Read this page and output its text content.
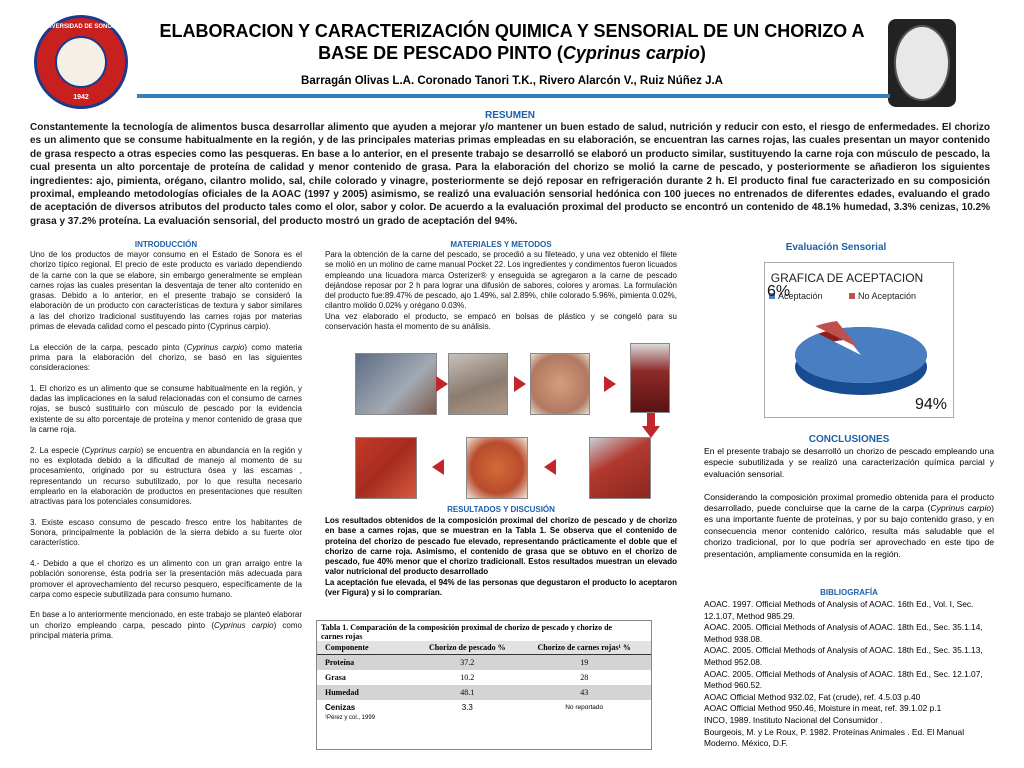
UNIVERSIDAD DE SONORA
1942
ELABORACION Y CARACTERIZACIÓN QUIMICA Y SENSORIAL DE UN CHORIZO A
BASE DE PESCADO PINTO (Cyprinus carpio)
Barragán Olivas L.A. Coronado Tanori T.K., Rivero Alarcón V., Ruiz Núñez J.A
RESUMEN
Constantemente la tecnología de alimentos busca desarrollar alimento que ayuden a mejorar y/o mantener un buen estado de salud, nutrición y reducir con esto, el riesgo de enfermedades. El chorizo es un alimento que se consume habitualmente en la región, y de las principales materias primas empleadas en su elaboración, se encuentran las carnes rojas, las cuales presentan un mayor contenido de grasa respecto a otras especies como las pesqueras. En base a lo anterior, en el presente trabajo se desarrolló se elaboró un producto similar, sustituyendo la carne roja con músculo de pescado, la cual presenta un alto porcentaje de proteína de calidad y menor contenido de grasa. Para la elaboración del chorizo se molió la carne de pescado, y posteriormente se añadieron los siguientes ingredientes: ajo, pimienta, orégano, cilantro molido, sal, chile colorado y vinagre, posteriormente se dejó reposar en refrigeración durante 2 h. El producto final fue caracterizado en su composición proximal, empleando metodologías oficiales de la AOAC (1997 y 2005) asimismo, se realizó una evaluación sensorial hedónica con 100 jueces no entrenados de diferentes edades, evaluando el grado de aceptación de diversos atributos del producto tales como el olor, sabor y color. De acuerdo a la evaluación proximal del producto se encontró un contenido de 48.1% humedad, 3.3% cenizas, 10.2% grasa y 37.2% proteína. La evaluación sensorial, del producto mostró un grado de aceptación del 94%.
INTRODUCCIÓN

Uno de los productos de mayor consumo en el Estado de Sonora es el chorizo típico regional. El precio de este producto es variado dependiendo de la carne con la que se elabore, sin embargo generalmente se emplean carnes rojas las cuales presentan la desventaja de tener alto contenido en grasas. Debido a lo anterior, en el presente trabajo se consideró la elaboración de un producto con características de textura y sabor similares a las del chorizo tradicional sustituyendo las carnes rojas por materias primas de elevada calidad como el pescado pinto (Cyprinus carpio).

La elección de la carpa, pescado pinto (Cyprinus carpio) como materia prima para la elaboración del chorizo, se basó en las siguientes consideraciones:

1. El chorizo es un alimento que se consume habitualmente en la región, y dadas las implicaciones en la salud relacionadas con el consumo de carnes rojas, se buscó sustituirlo con músculo de pescado por la evidencia existente de su alto porcentaje de proteína y menor contenido de grasa que la carne roja.

2. La especie (Cyprinus carpio) se encuentra en abundancia en la región y no es explotada debido a la dificultad de manejo al momento de su procesamiento, originado por su estructura ósea y las escamas , representando un recurso subutilizado, por lo que resulta necesario emplearlo en la elaboración de productos en presentaciones que resulten atractivas para los potenciales consumidores.

3. Existe escaso consumo de pescado fresco entre los habitantes de Sonora, principalmente la población de la sierra debido a su fuerte olor característico.

4.- Debido a que el chorizo es un alimento con un gran arraigo entre la población sonorense, ésta podría ser la presentación más adecuada para promover el aprovechamiento del recurso pesquero, específicamente de la carpa como especie subutilizada para consumo humano.

En base a lo anteriormente mencionado, en este trabajo se planteó elaborar un chorizo empleando carpa, pescado pinto (Cyprinus carpio) como principal materia prima.

MATERIALES Y METODOS

Para la obtención de la carne del pescado, se procedió a su fileteado, y una vez obtenido el filete se molió en un molino de carne manual Pocket 22. Los ingredientes y condimentos fueron licuados empleando una licuadora marca Osterizer® y enseguida se agregaron a la carne de pescado dejándose reposar por 2 h para lograr una difusión de sabores, colores y aromas. La formulación del producto fue:89.47% de pescado, ajo 1.49%, sal 2.89%, chile colorado 5.96%, pimienta 0.02%, cilantro molido 0.02% y orégano 0.03%.

Una vez elaborado el producto, se empacó en bolsas de plástico y se congeló para su conservación hasta el momento de su análisis.

RESULTADOS Y DISCUSIÓN
Los resultados obtenidos de la composición proximal del chorizo de pescado y de chorizo en base a carnes rojas, que se muestran en la Tabla 1. Se observa que el contenido de proteína del chorizo de pescado fue elevado, representando prácticamente el doble que el chorizo de carne roja. Asimismo, el contenido de grasa que se obtuvo en el chorizo de pescado, fue 40% menor que el chorizo tradicionall. Estos resultados muestran un elevado valor nutricional del producto desarrollado
La aceptación fue elevada, el 94% de las personas que degustaron el producto lo aceptaron (ver Figura) y si lo comprarían.
Tabla 1. Comparación de la composición proximal de chorizo de pescado y chorizo de carnes rojas
Componente	Chorizo de pescado %	Chorizo de carnes rojas¹ %
Proteína	37.2	19
Grasa	10.2	28
Humedad	48.1	43
Cenizas	3.3	No reportado
¹Pérez y col., 1999
Evaluación Sensorial
GRAFICA DE ACEPTACION
Aceptación	No Aceptación
6%
94%
CONCLUSIONES

En el presente trabajo se desarrolló un chorizo de pescado empleando una especie subutilizada y se realizó una caracterización química parcial y evaluación sensorial.

Considerando la composición proximal promedio obtenida para el producto desarrollado, puede concluirse que la carne de la carpa (Cyprinus carpio) es una importante fuente de proteínas, y por su bajo contenido graso, y en consecuencia menor contenido calórico, resulta más saludable que el chorizo tradicional, por lo que podría ser aprovechado en este tipo de presentación, ampliamente consumida en la región.

BIBLIOGRAFÍA
AOAC. 1997. Official Methods of Analysis of AOAC. 16th Ed., Vol. I, Sec. 12.1.07, Method 985.29.
AOAC. 2005. Official Methods of Analysis of AOAC. 18th Ed., Sec. 35.1.14, Method 938.08.
AOAC. 2005. Official Methods of Analysis of AOAC. 18th Ed., Sec. 35.1.13, Method 952.08.
AOAC. 2005. Official Methods of Analysis of AOAC. 18th Ed., Sec. 12.1.07, Method 960.52.
AOAC Official Method 932.02, Fat (crude), ref. 4.5.03 p.40
AOAC Official Method 950.46, Moisture in meat, ref. 39.1.02 p.1
INCO, 1989. Instituto Nacional del Consumidor .
Bourgeois, M. y Le Roux, P. 1982. Proteínas Animales . Ed. El Manual Moderno. México, D.F.
